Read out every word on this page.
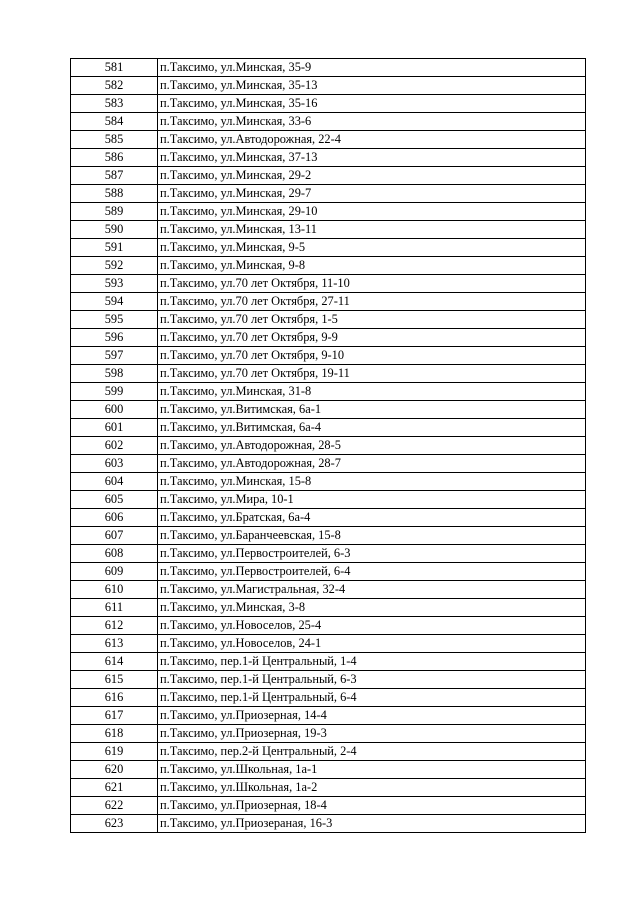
581	п.Таксимо, ул.Минская, 35-9
582	п.Таксимо, ул.Минская, 35-13
583	п.Таксимо, ул.Минская, 35-16
584	п.Таксимо, ул.Минская, 33-6
585	п.Таксимо, ул.Автодорожная, 22-4
586	п.Таксимо, ул.Минская, 37-13
587	п.Таксимо, ул.Минская, 29-2
588	п.Таксимо, ул.Минская, 29-7
589	п.Таксимо, ул.Минская, 29-10
590	п.Таксимо, ул.Минская, 13-11
591	п.Таксимо, ул.Минская, 9-5
592	п.Таксимо, ул.Минская, 9-8
593	п.Таксимо, ул.70 лет Октября, 11-10
594	п.Таксимо, ул.70 лет Октября, 27-11
595	п.Таксимо, ул.70 лет Октября, 1-5
596	п.Таксимо, ул.70 лет Октября, 9-9
597	п.Таксимо, ул.70 лет Октября, 9-10
598	п.Таксимо, ул.70 лет Октября, 19-11
599	п.Таксимо, ул.Минская, 31-8
600	п.Таксимо, ул.Витимская, 6а-1
601	п.Таксимо, ул.Витимская, 6а-4
602	п.Таксимо, ул.Автодорожная, 28-5
603	п.Таксимо, ул.Автодорожная, 28-7
604	п.Таксимо, ул.Минская, 15-8
605	п.Таксимо, ул.Мира, 10-1
606	п.Таксимо, ул.Братская, 6а-4
607	п.Таксимо, ул.Баранчеевская, 15-8
608	п.Таксимо, ул.Первостроителей, 6-3
609	п.Таксимо, ул.Первостроителей, 6-4
610	п.Таксимо, ул.Магистральная, 32-4
611	п.Таксимо, ул.Минская, 3-8
612	п.Таксимо, ул.Новоселов, 25-4
613	п.Таксимо, ул.Новоселов, 24-1
614	п.Таксимо, пер.1-й Центральный, 1-4
615	п.Таксимо, пер.1-й Центральный, 6-3
616	п.Таксимо, пер.1-й Центральный, 6-4
617	п.Таксимо, ул.Приозерная, 14-4
618	п.Таксимо, ул.Приозерная, 19-3
619	п.Таксимо, пер.2-й Центральный, 2-4
620	п.Таксимо, ул.Школьная, 1а-1
621	п.Таксимо, ул.Школьная, 1а-2
622	п.Таксимо, ул.Приозерная, 18-4
623	п.Таксимо, ул.Приозераная, 16-3
